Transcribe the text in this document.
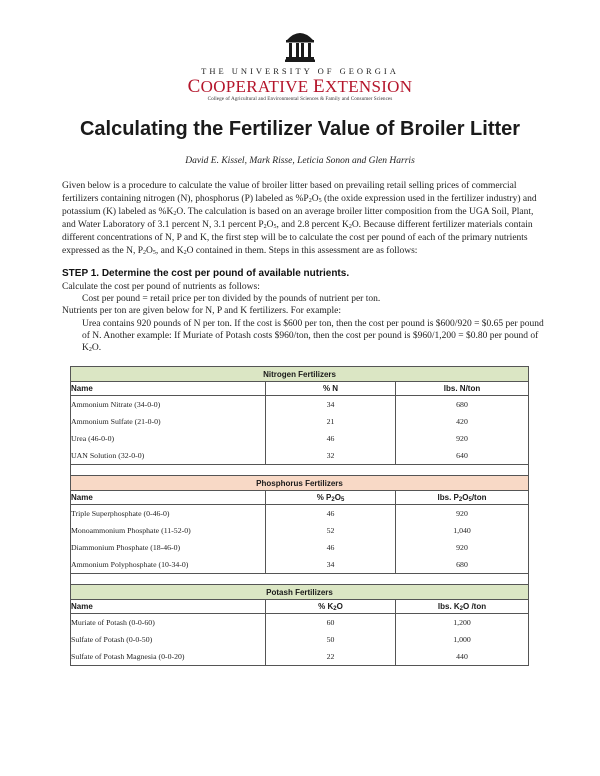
THE UNIVERSITY OF GEORGIA
COOPERATIVE EXTENSION
College of Agricultural and Environmental Sciences & Family and Consumer Sciences
Calculating the Fertilizer Value of Broiler Litter
David E. Kissel, Mark Risse, Leticia Sonon and Glen Harris

Given below is a procedure to calculate the value of broiler litter based on prevailing retail selling prices of commercial fertilizers containing nitrogen (N), phosphorus (P) labeled as $\%P_2O_5$ (the oxide expression used in the fertilizer industry) and potassium (K) labeled as $\%K_2O$. The calculation is based on an average broiler litter composition from the UGA Soil, Plant, and Water Laboratory of 3.1 percent N, 3.1 percent $P_2O_5$, and 2.8 percent $K_2O$. Because different fertilizer materials contain different concentrations of N, P and K, the first step will be to calculate the cost per pound of each of the primary nutrients expressed as the N, $P_2O_5$, and $K_2O$ contained in them. Steps in this assessment are as follows:

STEP 1. Determine the cost per pound of available nutrients.

Calculate the cost per pound of nutrients as follows:

Cost per pound = retail price per ton divided by the pounds of nutrient per ton.

Nutrients per ton are given below for N, P and K fertilizers. For example:

Urea contains 920 pounds of N per ton. If the cost is $600 per ton, then the cost per pound is $600/920 = $0.65 per pound of N. Another example: If Muriate of Potash costs $960/ton, then the cost per pound is $960/1,200 = $0.80 per pound of $K_2O$.

Nitrogen Fertilizers		
Name	% N	lbs. N/ton
Ammonium Nitrate (34-0-0)	34	680
Ammonium Sulfate (21-0-0)	21	420
Urea (46-0-0)	46	920
UAN Solution (32-0-0)	32	640

Phosphorus Fertilizers		
Name	% $P_2O_5$	lbs. $P_2O_5$/ton
Triple Superphosphate (0-46-0)	46	920
Monoammonium Phosphate (11-52-0)	52	1,040
Diammonium Phosphate (18-46-0)	46	920
Ammonium Polyphosphate (10-34-0)	34	680

Potash Fertilizers		
Name	% $K_2O$	lbs. $K_2O$ /ton
Muriate of Potash (0-0-60)	60	1,200
Sulfate of Potash (0-0-50)	50	1,000
Sulfate of Potash Magnesia (0-0-20)	22	440
